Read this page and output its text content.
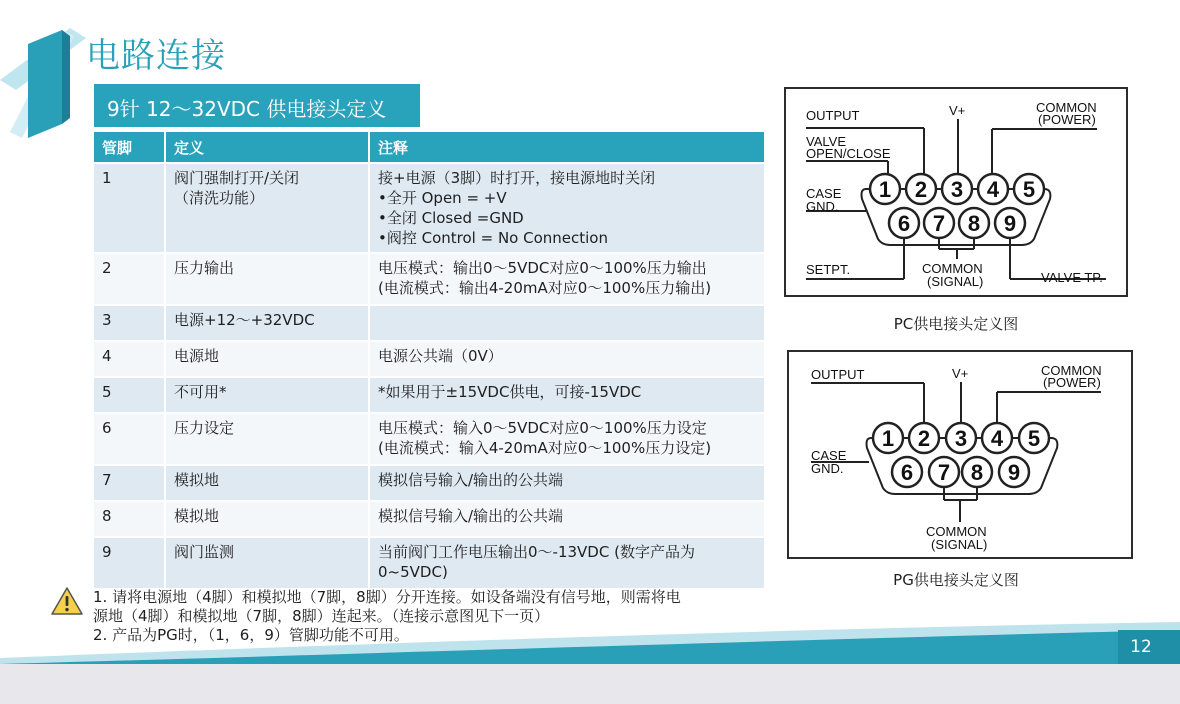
电路连接
9针 12～32VDC 供电接头定义
管脚	定义	注释
1	阀门强制打开/关闭
（清洗功能）	接+电源（3脚）时打开，接电源地时关闭
•全开 Open = +V
•全闭 Closed =GND
•阀控 Control = No Connection

2	压力输出	电压模式：输出0～5VDC对应0～100%压力输出
(电流模式：输出4-20mA对应0～100%压力输出)

3	电源+12～+32VDC	
4	电源地	电源公共端（0V）
5	不可用*	*如果用于±15VDC供电，可接-15VDC
6	压力设定	电压模式：输入0～5VDC对应0～100%压力设定
(电流模式：输入4-20mA对应0～100%压力设定)

7	模拟地	模拟信号输入/输出的公共端
8	模拟地	模拟信号输入/输出的公共端
9	阀门监测	当前阀门工作电压输出0～-13VDC (数字产品为
0~5VDC)
1. 请将电源地（4脚）和模拟地（7脚，8脚）分开连接。如设备端没有信号地，则需将电
源地（4脚）和模拟地（7脚，8脚）连起来。（连接示意图见下一页）
2. 产品为PG时，（1，6，9）管脚功能不可用。
1 2 3 4 5
6 7 8 9
OUTPUT	V+	COMMON
(POWER)
VALVE
OPEN/CLOSE
CASE
GND.
SETPT.	COMMON
(SIGNAL)	VALVE TP.
PC供电接头定义图
1 2 3 4 5
6 7 8 9
OUTPUT	V+	COMMON
(POWER)
CASE
GND.
COMMON
(SIGNAL)
PG供电接头定义图
12
